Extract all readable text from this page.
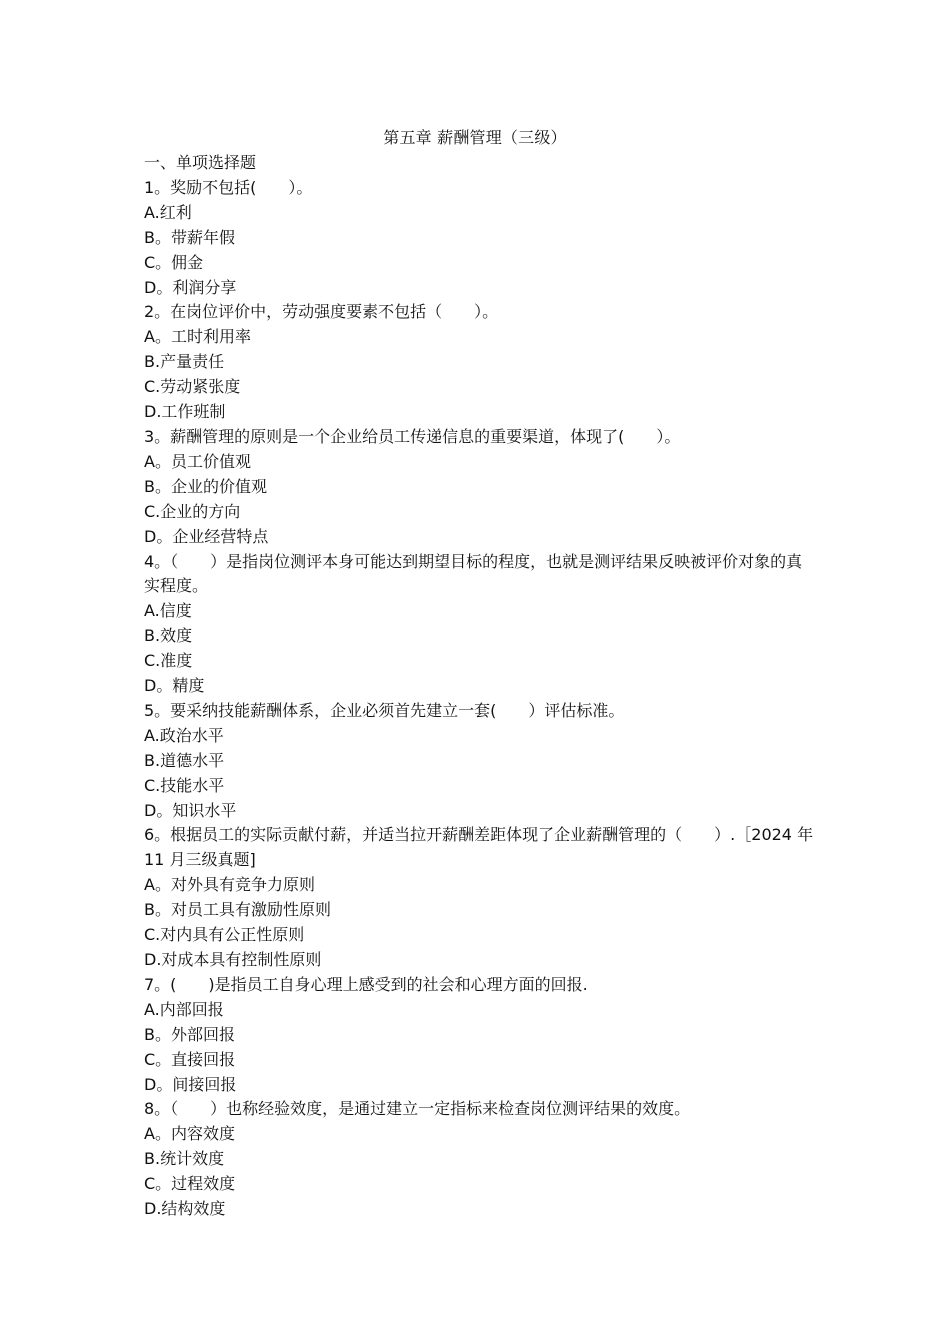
第五章 薪酬管理（三级）
一、单项选择题
1。奖励不包括(　　）。
A.红利
B。带薪年假
C。佣金
D。利润分享
2。在岗位评价中，劳动强度要素不包括（　　）。
A。工时利用率
B.产量责任
C.劳动紧张度
D.工作班制
3。薪酬管理的原则是一个企业给员工传递信息的重要渠道，体现了(　　）。
A。员工价值观
B。企业的价值观
C.企业的方向
D。企业经营特点
4。（　　）是指岗位测评本身可能达到期望目标的程度，也就是测评结果反映被评价对象的真实程度。
A.信度
B.效度
C.准度
D。精度
5。要采纳技能薪酬体系，企业必须首先建立一套(　　）评估标准。
A.政治水平
B.道德水平
C.技能水平
D。知识水平
6。根据员工的实际贡献付薪，并适当拉开薪酬差距体现了企业薪酬管理的（　　）.［2024 年 11 月三级真题]
A。对外具有竞争力原则
B。对员工具有激励性原则
C.对内具有公正性原则
D.对成本具有控制性原则
7。(　　)是指员工自身心理上感受到的社会和心理方面的回报.
A.内部回报
B。外部回报
C。直接回报
D。间接回报
8。（　　）也称经验效度，是通过建立一定指标来检查岗位测评结果的效度。
A。内容效度
B.统计效度
C。过程效度
D.结构效度
